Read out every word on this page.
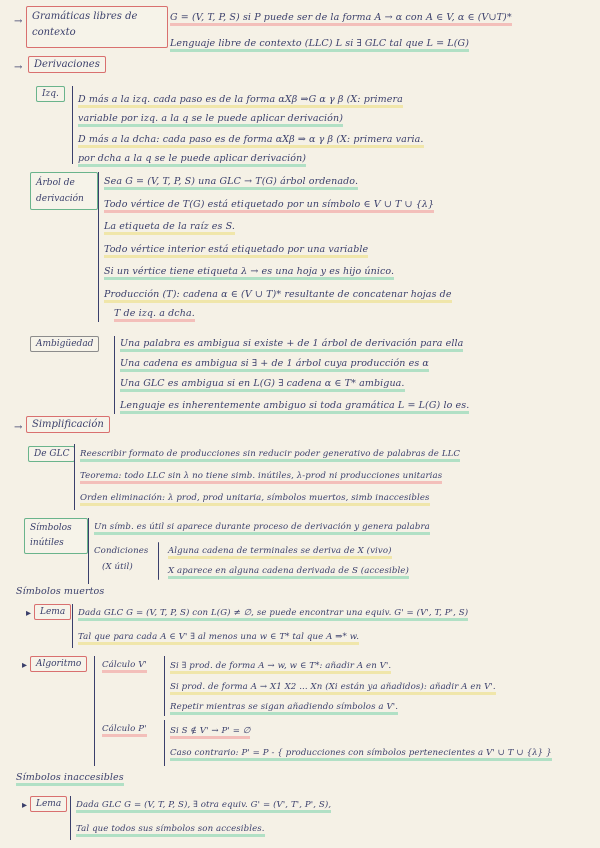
→ Gramáticas libres de contexto
G = (V, T, P, S) si P puede ser de la forma A → α con A ∈ V, α ∈ (V∪T)*
Lenguaje libre de contexto (LLC) L si ∃ GLC tal que L = L(G)
→	Derivaciones
Izq.	D más a la izq. cada paso es de la forma αXβ ⇒G α γ β (X: primera
variable por izq. a la q se le puede aplicar derivación)
D más a la dcha: cada paso es de forma αXβ ⇒ α γ β (X: primera varia.
por dcha a la q se le puede aplicar derivación)
Árbol de
derivación
Sea G = (V, T, P, S) una GLC → T(G) árbol ordenado.
Todo vértice de T(G) está etiquetado por un símbolo ∈ V ∪ T ∪ {λ}
La etiqueta de la raíz es S.
Todo vértice interior está etiquetado por una variable
Si un vértice tiene etiqueta λ → es una hoja y es hijo único.
Producción (T): cadena α ∈ (V ∪ T)* resultante de concatenar hojas de
T de izq. a dcha.
Ambigüedad	Una palabra es ambigua si existe + de 1 árbol de derivación para ella
Una cadena es ambigua si ∃ + de 1 árbol cuya producción es α
Una GLC es ambigua si en L(G) ∃ cadena α ∈ T* ambigua.
Lenguaje es inherentemente ambiguo si toda gramática L = L(G) lo es.
→ Simplificación
De GLC	Reescribir formato de producciones sin reducir poder generativo de palabras de LLC
Teorema: todo LLC sin λ no tiene simb. inútiles, λ-prod ni producciones unitarias
Orden eliminación: λ prod, prod unitaria, símbolos muertos, simb inaccesibles
Símbolos
inútiles
Un símb. es útil si aparece durante proceso de derivación y genera palabra
Condiciones
(X útil)
Alguna cadena de terminales se deriva de X (vivo)
X aparece en alguna cadena derivada de S (accesible)
Símbolos muertos
▸ Lema	Dada GLC G = (V, T, P, S) con L(G) ≠ ∅, se puede encontrar una equiv. G' = (V', T, P', S)
Tal que para cada A ∈ V' ∃ al menos una w ∈ T* tal que A ⇒* w.
▸ Algoritmo	Cálculo V'	Si ∃ prod. de forma A → w, w ∈ T*: añadir A en V'.
Si prod. de forma A → X1 X2 ... Xn (Xi están ya añadidos): añadir A en V'.
Repetir mientras se sigan añadiendo símbolos a V'.
Cálculo P'	Si S ∉ V' → P' = ∅
Caso contrario: P' = P - { producciones con símbolos pertenecientes a V' ∪ T ∪ {λ} }
Símbolos inaccesibles
▸ Lema	Dada GLC G = (V, T, P, S), ∃ otra equiv. G' = (V', T', P', S),
Tal que todos sus símbolos son accesibles.
